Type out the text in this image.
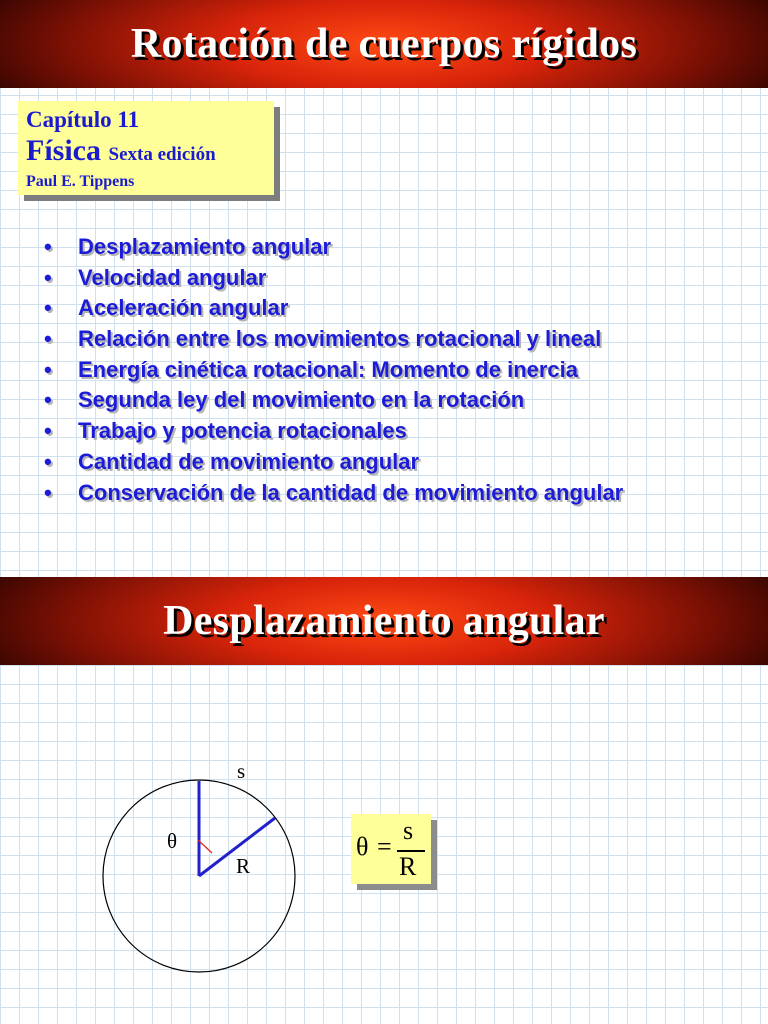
Rotación de cuerpos rígidos
Capítulo 11
Física Sexta edición
Paul E. Tippens
• Desplazamiento angular
• Velocidad angular
• Aceleración angular
• Relación entre los movimientos rotacional y lineal
• Energía cinética rotacional: Momento de inercia
• Segunda ley del movimiento en la rotación
• Trabajo y potencia rotacionales
• Cantidad de movimiento angular
• Conservación de la cantidad de movimiento angular
Desplazamiento angular
s
θ
R
θ =
s
R
